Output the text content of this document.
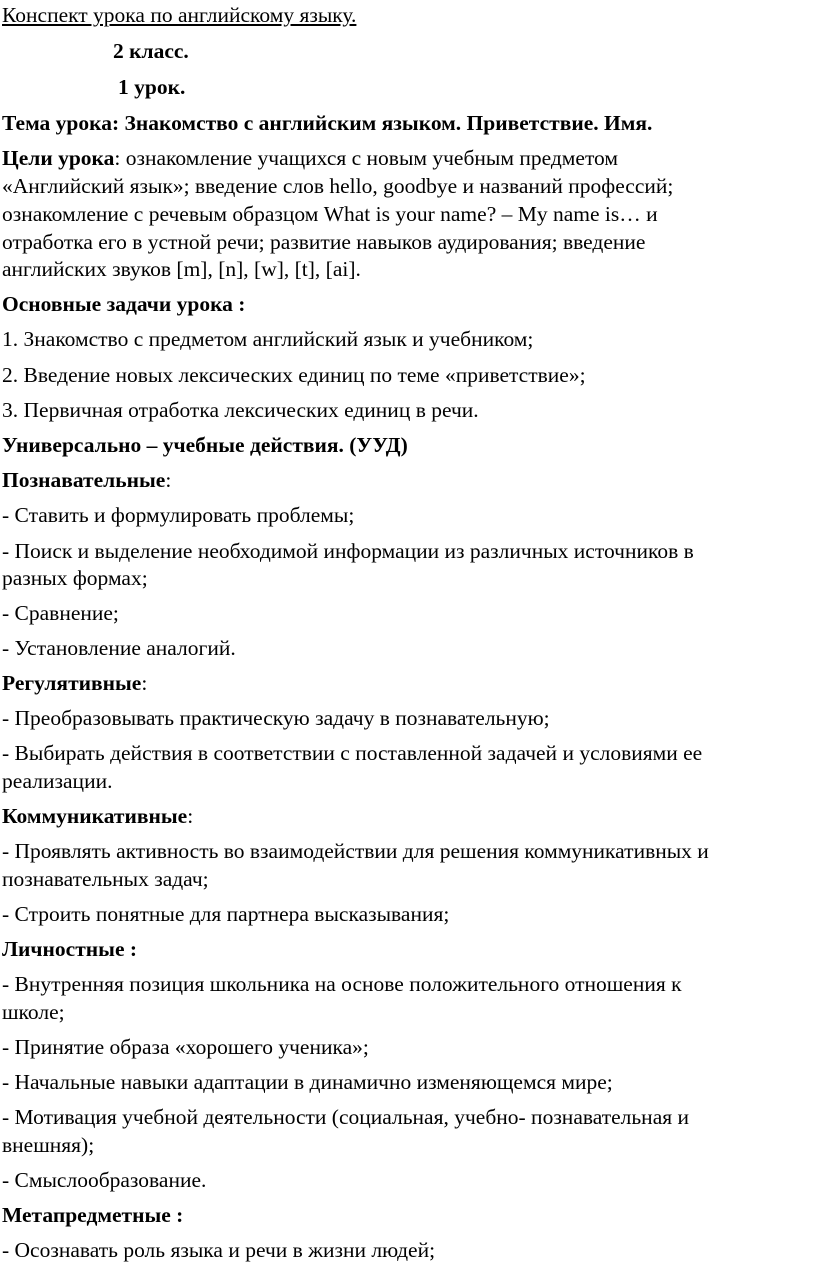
Конспект урока по английскому языку.
2 класс.
1 урок.
Тема урока: Знакомство с английским языком. Приветствие. Имя.
Цели урока: ознакомление учащихся с новым учебным предметом
«Английский язык»; введение слов hello, goodbye и названий профессий;
ознакомление с речевым образцом What is your name? – My name is… и
отработка его в устной речи; развитие навыков аудирования; введение
английских звуков [m], [n], [w], [t], [ai].
Основные задачи урока :
1. Знакомство с предметом английский язык и учебником;
2. Введение новых лексических единиц по теме «приветствие»;
3. Первичная отработка лексических единиц в речи.
Универсально – учебные действия. (УУД)
Познавательные:
- Ставить и формулировать проблемы;
- Поиск и выделение необходимой информации из различных источников в
разных формах;
- Сравнение;
- Установление аналогий.
Регулятивные:
- Преобразовывать практическую задачу в познавательную;
- Выбирать действия в соответствии с поставленной задачей и условиями ее
реализации.
Коммуникативные:
- Проявлять активность во взаимодействии для решения коммуникативных и
познавательных задач;
- Строить понятные для партнера высказывания;
Личностные :
- Внутренняя позиция школьника на основе положительного отношения к
школе;
- Принятие образа «хорошего ученика»;
- Начальные навыки адаптации в динамично изменяющемся мире;
- Мотивация учебной деятельности (социальная, учебно- познавательная и
внешняя);
- Смыслообразование.
Метапредметные :
- Осознавать роль языка и речи в жизни людей;
